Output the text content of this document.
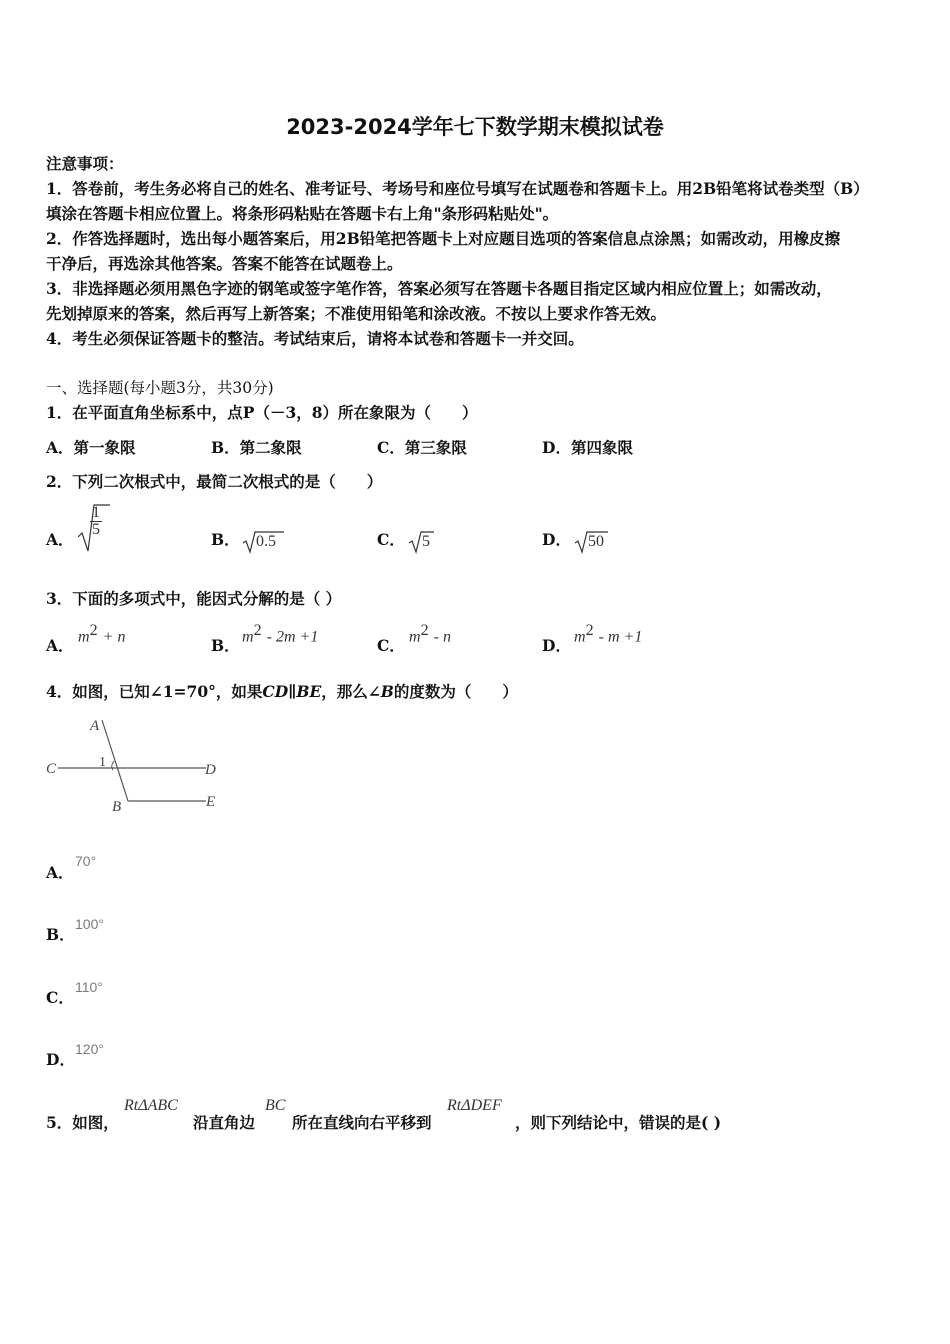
2023-2024学年七下数学期末模拟试卷
注意事项：
1．答卷前，考生务必将自己的姓名、准考证号、考场号和座位号填写在试题卷和答题卡上。用2B铅笔将试卷类型（B）
填涂在答题卡相应位置上。将条形码粘贴在答题卡右上角"条形码粘贴处"。
2．作答选择题时，选出每小题答案后，用2B铅笔把答题卡上对应题目选项的答案信息点涂黑；如需改动，用橡皮擦
干净后，再选涂其他答案。答案不能答在试题卷上。
3．非选择题必须用黑色字迹的钢笔或签字笔作答，答案必须写在答题卡各题目指定区域内相应位置上；如需改动，
先划掉原来的答案，然后再写上新答案；不准使用铅笔和涂改液。不按以上要求作答无效。
4．考生必须保证答题卡的整洁。考试结束后，请将本试卷和答题卡一并交回。
一、选择题(每小题3分，共30分)
1．在平面直角坐标系中，点P（－3，8）所在象限为（　　）
A．第一象限	B．第二象限	C．第三象限	D．第四象限
2．下列二次根式中，最简二次根式的是（　　）
A．
$\frac{1}{5}$
B． 0.5	C． 5	D． 50
3．下面的多项式中，能因式分解的是（ ）
A． $m^2 + n$	B． $m^2 - 2m +1$	C． $m^2$ - n	D． $m^2 - m +1$
4．如图，已知∠1=70°，如果CD∥BE，那么∠B的度数为（　　）
A
1
C	D
B	E
A．
70°
B．
100°
C．
110°
D．
120°
5．如图，
RtΔABC
沿直角边
BC
所在直线向右平移到
RtΔDEF
，则下列结论中，错误的是( )
